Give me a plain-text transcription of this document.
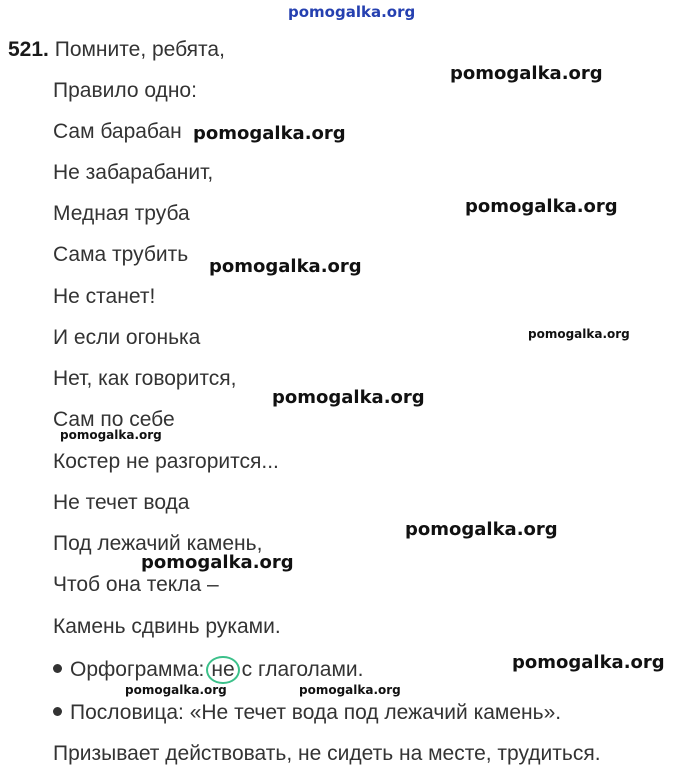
pomogalka.org
521. Помните, ребята,
Правило одно:
Сам барабан
Не забарабанит,
Медная труба
Сама трубить
Не станет!
И если огонька
Нет, как говорится,
Сам по себе
Костер не разгорится...
Не течет вода
Под лежачий камень,
Чтоб она текла –
Камень сдвинь руками.
Орфограмма: не с глаголами.
Пословица: «Не течет вода под лежачий камень».
Призывает действовать, не сидеть на месте, трудиться.
pomogalka.org
pomogalka.org
pomogalka.org
pomogalka.org
pomogalka.org
pomogalka.org
pomogalka.org
pomogalka.org
pomogalka.org
pomogalka.org
pomogalka.org	pomogalka.org
